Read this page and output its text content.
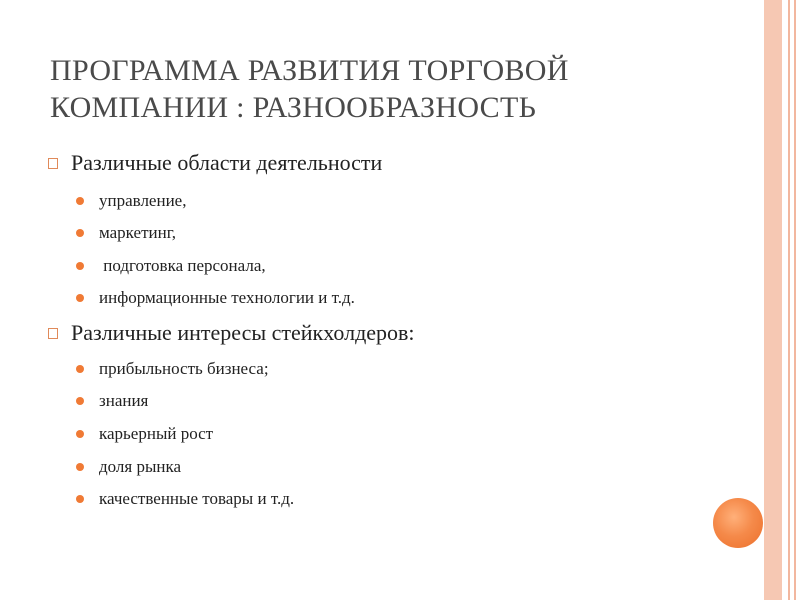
ПРОГРАММА РАЗВИТИЯ ТОРГОВОЙ
КОМПАНИИ : РАЗНООБРАЗНОСТЬ
Различные области деятельности
управление,
маркетинг,
подготовка персонала,
информационные технологии и т.д.
Различные интересы стейкхолдеров:
прибыльность бизнеса;
знания
карьерный рост
доля рынка
качественные товары и т.д.
